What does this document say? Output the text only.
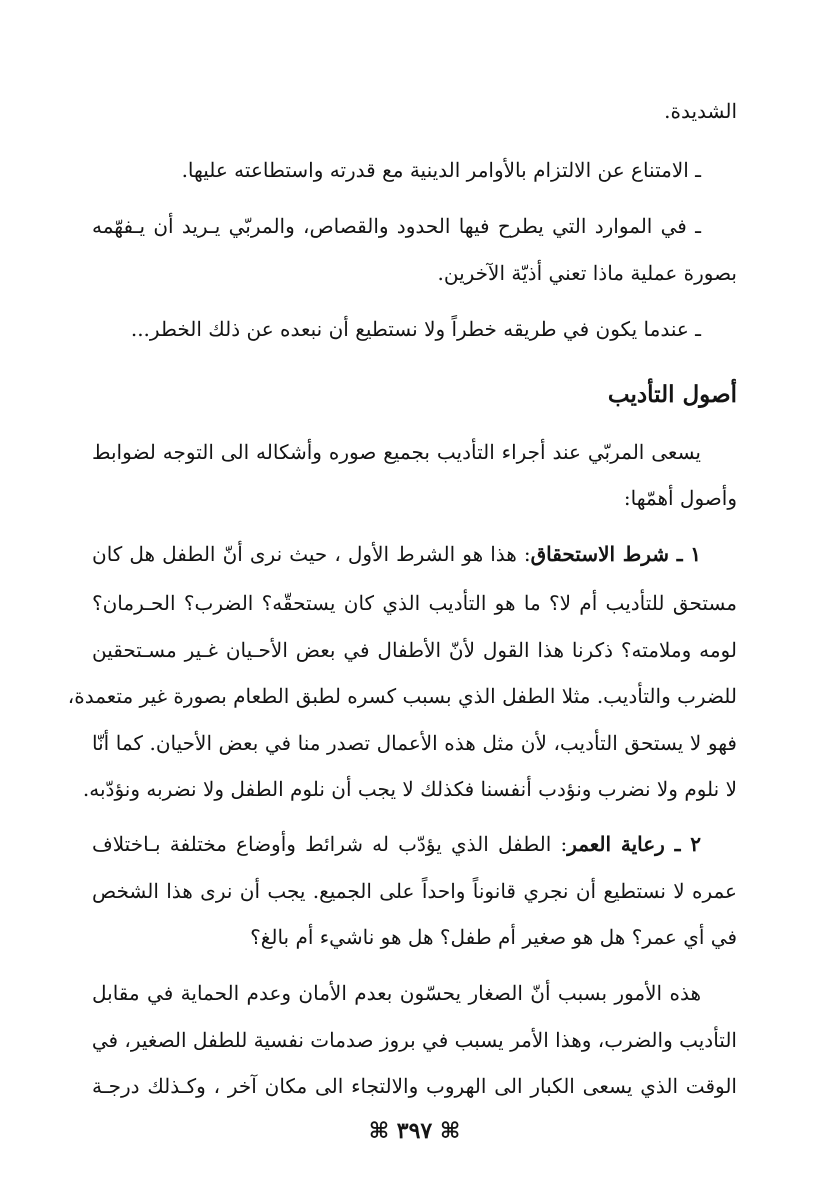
الشديدة.

ـ الامتناع عن الالتزام بالأوامر الدينية مع قدرته واستطاعته عليها.

ـ في الموارد التي يطرح فيها الحدود والقصاص، والمربّي يـريد أن يـفهّمه

بصورة عملية ماذا تعني أذيّة الآخرين.

ـ عندما يكون في طريقه خطراً ولا نستطيع أن نبعده عن ذلك الخطر...

أصول التأديب

يسعى المربّي عند أجراء التأديب بجميع صوره وأشكاله الى التوجه لضوابط

وأصول أهمّها:

١ ـ شرط الاستحقاق: هذا هو الشرط الأول ، حيث نرى أنّ الطفل هل كان

مستحق للتأديب أم لا؟ ما هو التأديب الذي كان يستحقّه؟ الضرب؟ الحـرمان؟

لومه وملامته؟ ذكرنا هذا القول لأنّ الأطفال في بعض الأحـيان غـير مسـتحقين

للضرب والتأديب. مثلا الطفل الذي بسبب كسره لطبق الطعام بصورة غير متعمدة،

فهو لا يستحق التأديب، لأن مثل هذه الأعمال تصدر منا في بعض الأحيان. كما أنّا

لا نلوم ولا نضرب ونؤدب أنفسنا فكذلك لا يجب أن نلوم الطفل ولا نضربه ونؤدّبه.

٢ ـ رعاية العمر: الطفل الذي يؤدّب له شرائط وأوضاع مختلفة بـاختلاف

عمره لا نستطيع أن نجري قانوناً واحداً على الجميع. يجب أن نرى هذا الشخص

في أي عمر؟ هل هو صغير أم طفل؟ هل هو ناشيء أم بالغ؟

هذه الأمور بسبب أنّ الصغار يحسّون بعدم الأمان وعدم الحماية في مقابل

التأديب والضرب، وهذا الأمر يسبب في بروز صدمات نفسية للطفل الصغير، في

الوقت الذي يسعى الكبار الى الهروب والالتجاء الى مكان آخر ، وكـذلك درجـة

⌘ ٣٩٧ ⌘
